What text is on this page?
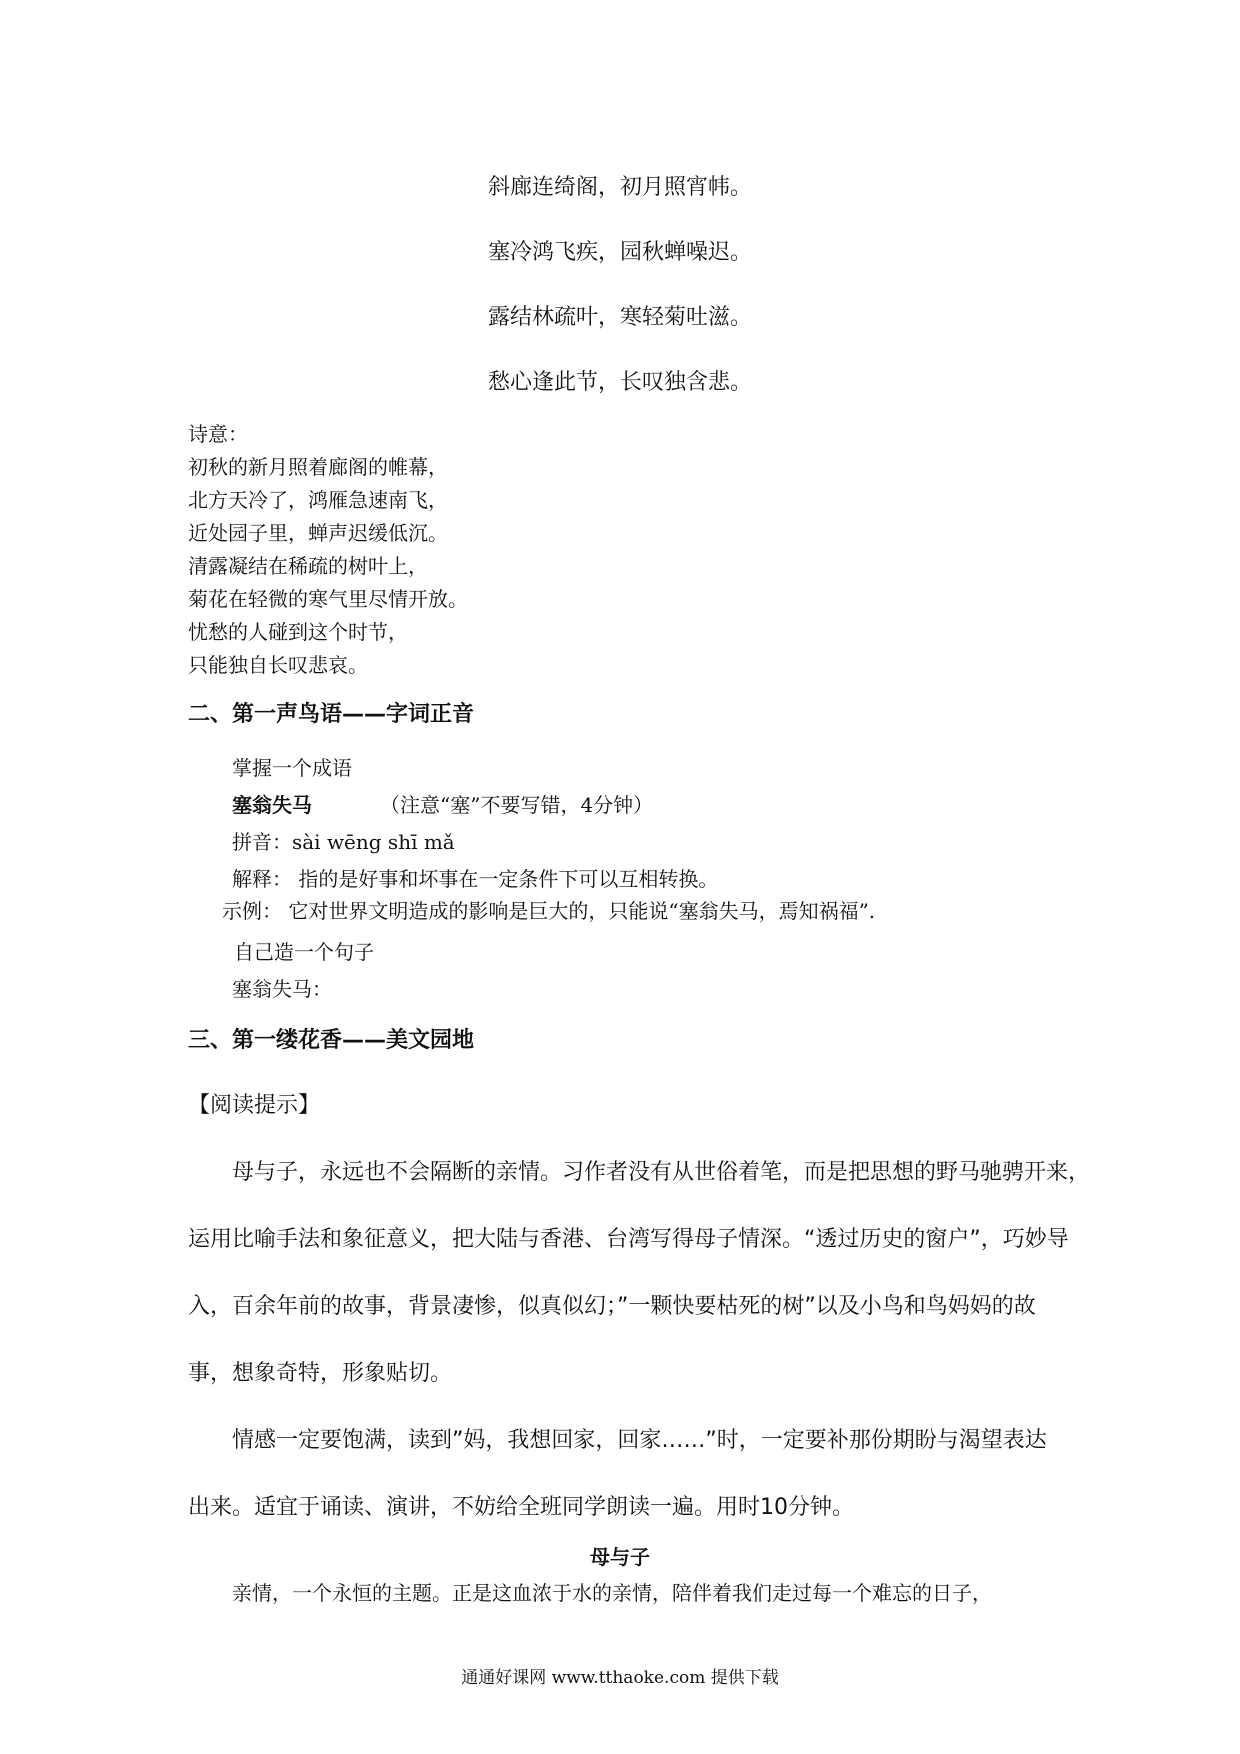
斜廊连绮阁，初月照宵帏。
塞冷鸿飞疾，园秋蝉噪迟。
露结林疏叶，寒轻菊吐滋。
愁心逢此节，长叹独含悲。
诗意：
初秋的新月照着廊阁的帷幕，
北方天冷了，鸿雁急速南飞，
近处园子里，蝉声迟缓低沉。
清露凝结在稀疏的树叶上，
菊花在轻微的寒气里尽情开放。
忧愁的人碰到这个时节，
只能独自长叹悲哀。
二、第一声鸟语——字词正音
掌握一个成语
塞翁失马	（注意“塞”不要写错，4分钟）
拼音：sài wēng shī mǎ
解释： 指的是好事和坏事在一定条件下可以互相转换。
示例： 它对世界文明造成的影响是巨大的，只能说“塞翁失马，焉知祸福”.
自己造一个句子
塞翁失马：
三、第一缕花香——美文园地
【阅读提示】
母与子，永远也不会隔断的亲情。习作者没有从世俗着笔，而是把思想的野马驰骋开来，
运用比喻手法和象征意义，把大陆与香港、台湾写得母子情深。“透过历史的窗户”，巧妙导
入，百余年前的故事，背景凄惨，似真似幻；”一颗快要枯死的树”以及小鸟和鸟妈妈的故
事，想象奇特，形象贴切。
情感一定要饱满，读到”妈，我想回家，回家……”时，一定要补那份期盼与渴望表达
出来。适宜于诵读、演讲，不妨给全班同学朗读一遍。用时10分钟。
母与子
亲情，一个永恒的主题。正是这血浓于水的亲情，陪伴着我们走过每一个难忘的日子，
通通好课网 www.tthaoke.com 提供下载
